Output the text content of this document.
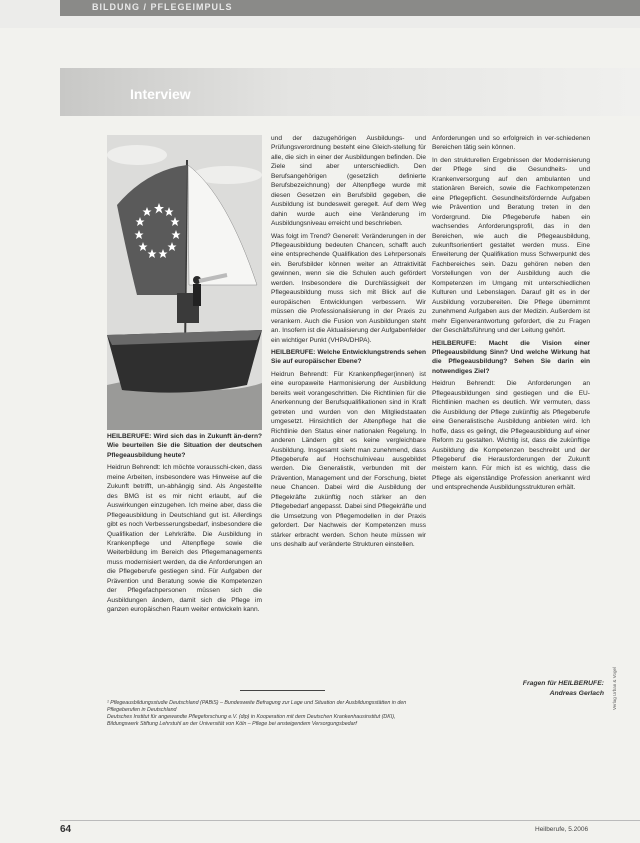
BILDUNG / PFLEGEIMPULS
Interview

HEILBERUFE: Wird sich das in Zukunft än-dern? Wie beurteilen Sie die Situation der deutschen Pflegeausbildung heute?

Heidrun Behrendt: Ich möchte vorausschi-cken, dass meine Arbeiten, insbesondere was Hinweise auf die Zukunft betrifft, un-abhängig sind. Als Angestellte des BMG ist es mir nicht erlaubt, auf die Auswirkungen einzugehen. Ich meine aber, dass die Pflegeausbildung in Deutschland gut ist. Allerdings gibt es noch Verbesserungsbedarf, insbesondere die Qualifikation der Lehrkräfte. Die Ausbildung in Krankenpflege und Altenpflege sowie die Weiterbildung im Bereich des Pflegemanagements muss modernisiert werden, da die Anforderungen an die Pflegeberufe gestiegen sind. Für Aufgaben der Prävention und Beratung sowie die Kompetenzen der Pflegefachpersonen müssen sich die Ausbildungen ändern, damit sich die Pflege im ganzen europäischen Raum weiter entwickeln kann.

und der dazugehörigen Ausbildungs- und Prüfungsverordnung besteht eine Gleich-stellung für alle, die sich in einer der Ausbildungen befinden. Die Ziele sind aber unterschiedlich. Den Berufsangehörigen (gesetzlich definierte Berufsbezeichnung) der Altenpflege wurde mit diesen Gesetzen ein Berufsbild gegeben, die Ausbildung ist bundesweit geregelt. Auf dem Weg dahin wurde auch eine Veränderung im Ausbildungsniveau erreicht und beschrieben.

Was folgt im Trend? Generell: Veränderungen in der Pflegeausbildung bedeuten Chancen, schafft auch eine entsprechende Qualifikation des Lehrpersonals ein. Berufsbilder können weiter an Attraktivität gewinnen, wenn sie die Schulen auch gefördert werden. Insbesondere die Durchlässigkeit der Pflegeausbildung muss sich mit Blick auf die europäischen Entwicklungen verbessern. Wir müssen die Professionalisierung in der Praxis zu verankern. Auch die Fusion von Ausbildungen steht an. Insofern ist die Aktualisierung der Aufgabenfelder ein wichtiger Punkt (VHPA/DHPA).

HEILBERUFE: Welche Entwicklungstrends sehen Sie auf europäischer Ebene?

Heidrun Behrendt: Für Krankenpfleger(innen) ist eine europaweite Harmonisierung der Ausbildung bereits weit vorangeschritten. Die Richtlinien für die Anerkennung der Berufsqualifikationen sind in Kraft getreten und wurden von den Mitgliedstaaten umgesetzt. Hinsichtlich der Altenpflege hat die Richtlinie den Status einer nationalen Regelung. In anderen Ländern gibt es keine vergleichbare Ausbildung. Insgesamt sieht man zunehmend, dass Pflegeberufe auf Hochschulniveau ausgebildet werden. Die Generalistik, verbunden mit der Prävention, Management und der Forschung, bietet neue Chancen. Dabei wird die Ausbildung der Pflegekräfte zukünftig noch stärker an den Pflegebedarf angepasst. Dabei sind Pflegekräfte und die Umsetzung von Pflegemodellen in der Praxis gefordert. Der Nachweis der Kompetenzen muss stärker erbracht werden. Schon heute müssen wir uns deshalb auf veränderte Strukturen einstellen.

Anforderungen und so erfolgreich in ver-schiedenen Bereichen tätig sein können.

In den strukturellen Ergebnissen der Modernisierung der Pflege sind die Gesundheits- und Krankenversorgung auf den ambulanten und stationären Bereich, sowie die Fachkompetenzen eine Pflegepflicht. Gesundheitsfördernde Aufgaben wie Prävention und Beratung treten in den Vordergrund. Die Pflegeberufe haben ein wachsendes Anforderungsprofil, das in den Bereichen, wie auch die Pflegeausbildung, zukunftsorientiert gestaltet werden muss. Eine Erweiterung der Qualifikation muss Schwerpunkt des Fachbereiches sein. Dazu gehören neben den Vorstellungen von der Ausbildung auch die Kompetenzen im Umgang mit unterschiedlichen Kulturen und Lebenslagen. Darauf gilt es in der Ausbildung vorzubereiten. Die Pflege übernimmt zunehmend Aufgaben aus der Medizin. Außerdem ist mehr Eigenverantwortung gefordert, die zu Fragen der Geschäftsführung und der Leitung gehört.

HEILBERUFE: Macht die Vision einer Pflegeausbildung Sinn? Und welche Wirkung hat die Pflegeausbildung? Sehen Sie darin ein notwendiges Ziel?

Heidrun Behrendt: Die Anforderungen an Pflegeausbildungen sind gestiegen und die EU-Richtlinien machen es deutlich. Wir vermuten, dass die Ausbildung der Pflege zukünftig als Pflegeberufe eine Generalistische Ausbildung anbieten wird. Ich hoffe, dass es gelingt, die Pflegeausbildung auf einer Reform zu gestalten. Wichtig ist, dass die zukünftige Ausbildung die Kompetenzen beschreibt und der Pflegeberuf die Herausforderungen der Zukunft meistern kann. Für mich ist es wichtig, dass die Pflege als eigenständige Profession anerkannt wird und entsprechende Ausbildungsstrukturen erhält.

Fragen für HEILBERUFE:
Andreas Gerlach

¹ Pflegeausbildungsstudie Deutschland (PABiS) – Bundesweite Befragung zur Lage und Situation der Ausbildungsstätten in den Pflegeberufen in Deutschland

Deutsches Institut für angewandte Pflegeforschung e.V. (dip) in Kooperation mit dem Deutschen Krankenhausinstitut (DKI), Bildungswerk Stiftung Lehrstuhl an der Universität von Köln – Pflege bei ansteigendem Versorgungsbedarf

Verlag Urban & Vogel
64	Heilberufe, 5.2006
